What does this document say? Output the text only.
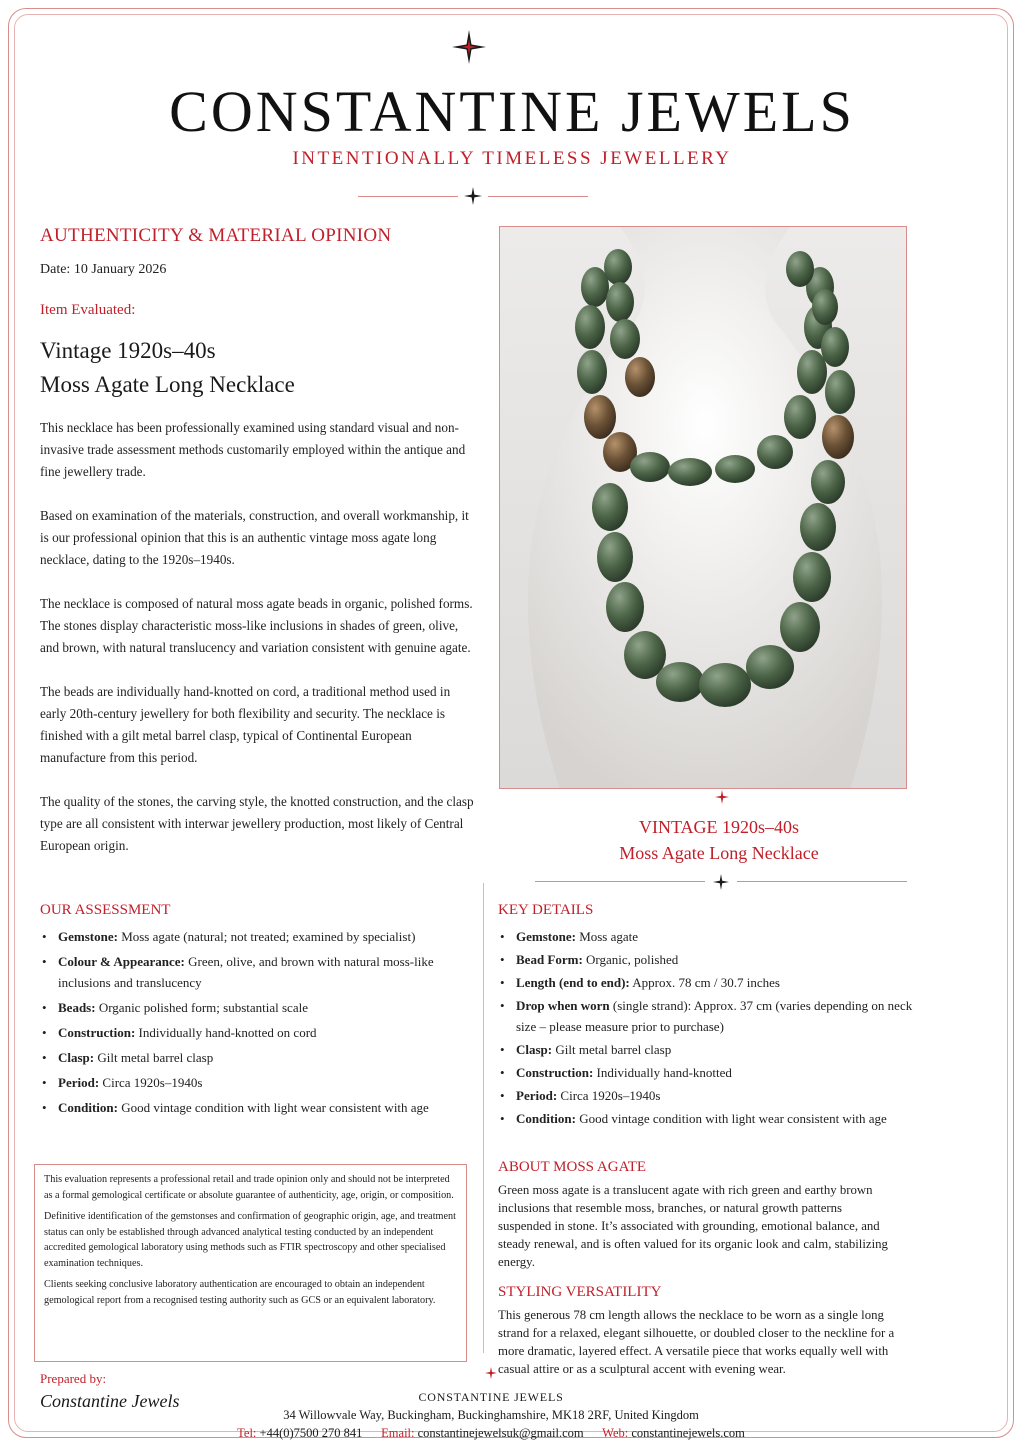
CONSTANTINE JEWELS
INTENTIONALLY TIMELESS JEWELLERY
AUTHENTICITY & MATERIAL OPINION
Date: 10 January 2026
Item Evaluated:
Vintage 1920s–40s
Moss Agate Long Necklace

This necklace has been professionally examined using standard visual and non-invasive trade assessment methods customarily employed within the antique and fine jewellery trade.

Based on examination of the materials, construction, and overall workmanship, it is our professional opinion that this is an authentic vintage moss agate long necklace, dating to the 1920s–1940s.

The necklace is composed of natural moss agate beads in organic, polished forms. The stones display characteristic moss-like inclusions in shades of green, olive, and brown, with natural translucency and variation consistent with genuine agate.

The beads are individually hand-knotted on cord, a traditional method used in early 20th-century jewellery for both flexibility and security. The necklace is finished with a gilt metal barrel clasp, typical of Continental European manufacture from this period.

The quality of the stones, the carving style, the knotted construction, and the clasp type are all consistent with interwar jewellery production, most likely of Central European origin.

VINTAGE 1920s–40s
Moss Agate Long Necklace
OUR ASSESSMENT
• Gemstone: Moss agate (natural; not treated; examined by specialist)
• Colour & Appearance: Green, olive, and brown with natural moss-like inclusions and translucency
• Beads: Organic polished form; substantial scale
• Construction: Individually hand-knotted on cord
• Clasp: Gilt metal barrel clasp
• Period: Circa 1920s–1940s
• Condition: Good vintage condition with light wear consistent with age
KEY DETAILS
• Gemstone: Moss agate
• Bead Form: Organic, polished
• Length (end to end): Approx. 78 cm / 30.7 inches
• Drop when worn (single strand): Approx. 37 cm (varies depending on neck size – please measure prior to purchase)
• Clasp: Gilt metal barrel clasp
• Construction: Individually hand-knotted
• Period: Circa 1920s–1940s
• Condition: Good vintage condition with light wear consistent with age
ABOUT MOSS AGATE
Green moss agate is a translucent agate with rich green and earthy brown inclusions that resemble moss, branches, or natural growth patterns suspended in stone. It’s associated with grounding, emotional balance, and steady renewal, and is often valued for its organic look and calm, stabilizing energy.
STYLING VERSATILITY
This generous 78 cm length allows the necklace to be worn as a single long strand for a relaxed, elegant silhouette, or doubled closer to the neckline for a more dramatic, layered effect. A versatile piece that works equally well with casual attire or as a sculptural accent with evening wear.

This evaluation represents a professional retail and trade opinion only and should not be interpreted as a formal gemological certificate or absolute guarantee of authenticity, age, origin, or composition.

Definitive identification of the gemstonses and confirmation of geographic origin, age, and treatment status can only be established through advanced analytical testing conducted by an independent accredited gemological laboratory using methods such as FTIR spectroscopy and other specialised examination techniques.

Clients seeking conclusive laboratory authentication are encouraged to obtain an independent gemological report from a recognised testing authority such as GCS or an equivalent laboratory.

Prepared by:
Constantine Jewels	CONSTANTINE JEWELS
34 Willowvale Way, Buckingham, Buckinghamshire, MK18 2RF, United Kingdom
Tel: +44(0)7500 270 841 Email: constantinejewelsuk@gmail.com Web: constantinejewels.com
